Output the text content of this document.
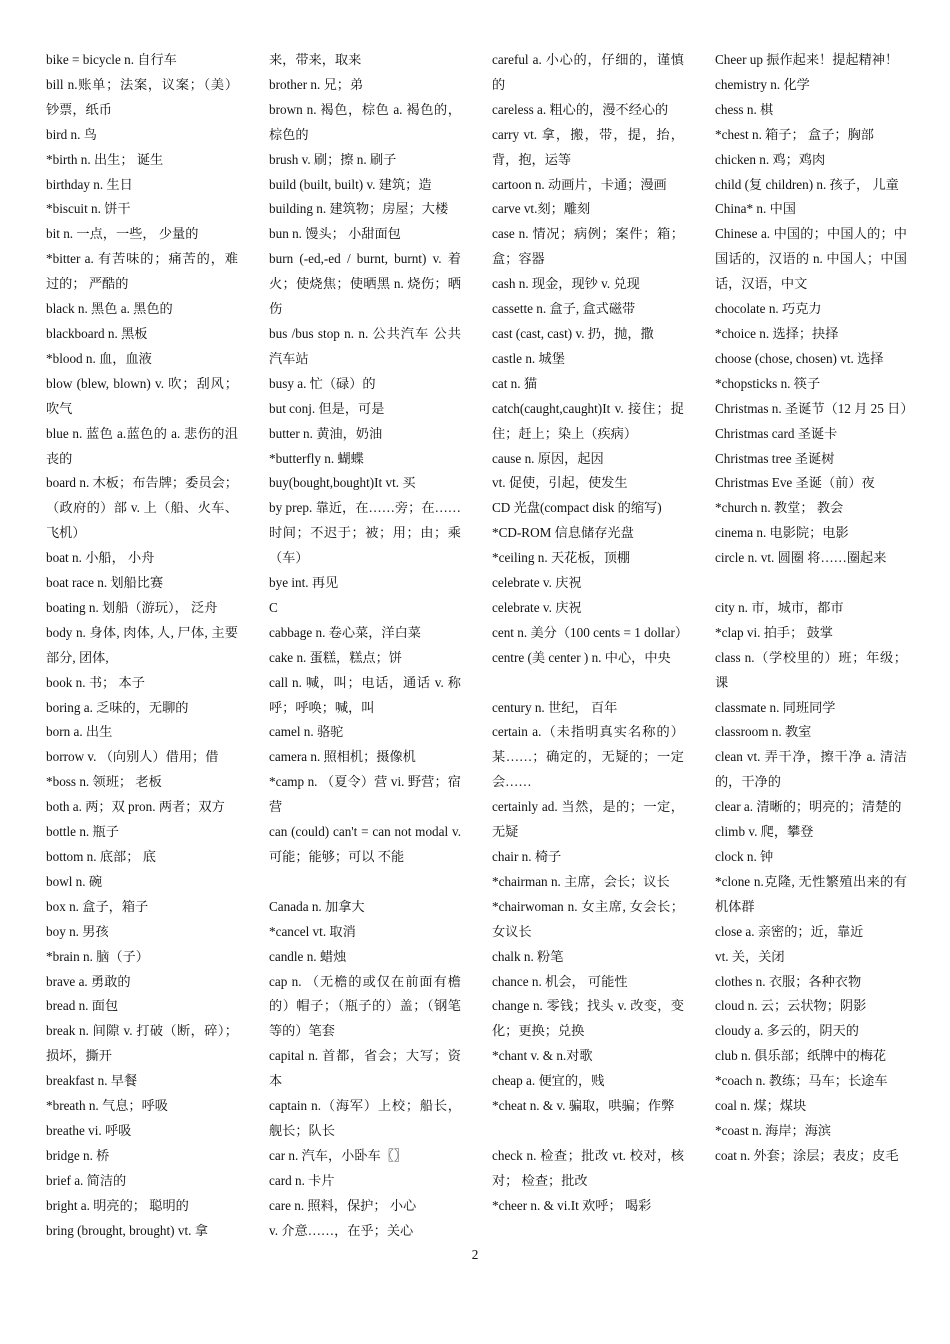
bike = bicycle n. 自行车

bill n.账单；法案，议案；（美）钞票，纸币

bird n. 鸟

*birth n. 出生； 诞生

birthday n. 生日

*biscuit n. 饼干

bit n. 一点，一些， 少量的

*bitter a. 有苦味的；痛苦的，难过的； 严酷的

black n. 黑色 a. 黑色的

blackboard n. 黑板

*blood n. 血，血液

blow (blew, blown) v. 吹；刮风；吹气

blue n. 蓝色 a.蓝色的 a. 悲伤的沮丧的

board n. 木板；布告牌；委员会；（政府的）部 v. 上（船、火车、飞机）

boat n. 小船， 小舟

boat race n. 划船比赛

boating n. 划船（游玩）， 泛舟

body n. 身体, 肉体, 人, 尸体, 主要部分, 团体,

book n. 书； 本子

boring a. 乏味的，无聊的

born a. 出生

borrow v. （向别人）借用；借

*boss n. 领班； 老板

both a. 两；双 pron. 两者；双方

bottle n. 瓶子

bottom n. 底部； 底

bowl n. 碗

box n. 盒子，箱子

boy n. 男孩

*brain n. 脑（子）

brave a. 勇敢的

bread n. 面包

break n. 间隙 v. 打破（断，碎）；损坏，撕开

breakfast n. 早餐

*breath n. 气息；呼吸

breathe vi. 呼吸

bridge n. 桥

brief a. 简洁的

bright a. 明亮的； 聪明的

bring (brought, brought) vt. 拿

来，带来，取来

brother n. 兄；弟

brown n. 褐色，棕色 a. 褐色的，棕色的

brush v. 刷；擦 n. 刷子

build (built, built) v. 建筑；造

building n. 建筑物；房屋；大楼

bun n. 馒头； 小甜面包

burn (-ed,-ed / burnt, burnt) v. 着火；使烧焦；使晒黑 n. 烧伤；晒伤

bus /bus stop n. n. 公共汽车 公共汽车站

busy a. 忙（碌）的

but conj. 但是，可是

butter n. 黄油，奶油

*butterfly n. 蝴蝶

buy(bought,bought)It vt. 买

by prep. 靠近，在……旁；在……时间；不迟于；被；用；由；乘（车）

bye int. 再见

C

cabbage n. 卷心菜，洋白菜

cake n. 蛋糕，糕点；饼

call n. 喊，叫；电话，通话 v. 称呼；呼唤；喊，叫

camel n. 骆驼

camera n. 照相机；摄像机

*camp n. （夏令）营 vi. 野营；宿营

can (could) can't = can not modal v. 可能；能够；可以 不能

Canada n. 加拿大

*cancel vt. 取消

candle n. 蜡烛

cap n. （无檐的或仅在前面有檐的）帽子；（瓶子的）盖；（钢笔等的）笔套

capital n. 首都，省会；大写；资本

captain n.（海军）上校；船长，舰长；队长

car n. 汽车，小卧车〖〗

card n. 卡片

care n. 照料，保护； 小心

v. 介意……，在乎；关心

careful a. 小心的，仔细的，谨慎的

careless a. 粗心的，漫不经心的

carry vt. 拿，搬，带，提，抬，背，抱，运等

cartoon n. 动画片，卡通；漫画

carve vt.刻；雕刻

case n. 情况；病例；案件；箱；盒；容器

cash n. 现金，现钞 v. 兑现

cassette n. 盒子, 盒式磁带

cast (cast, cast) v. 扔，抛，撒

castle n. 城堡

cat n. 猫

catch(caught,caught)It v. 接住；捉住；赶上；染上（疾病）

cause n. 原因，起因

vt. 促使，引起，使发生

CD 光盘(compact disk 的缩写)

*CD-ROM 信息储存光盘

*ceiling n. 天花板，顶棚

celebrate v. 庆祝

celebrate v. 庆祝

cent n. 美分（100 cents = 1 dollar）

centre (美 center ) n. 中心，中央

century n. 世纪， 百年

certain a.（未指明真实名称的）某……；确定的，无疑的；一定会……

certainly ad. 当然，是的；一定，无疑

chair n. 椅子

*chairman n. 主席，会长；议长

*chairwoman n. 女主席, 女会长；女议长

chalk n. 粉笔

chance n. 机会， 可能性

change n. 零钱；找头 v. 改变，变化；更换；兑换

*chant v. & n.对歌

cheap a. 便宜的，贱

*cheat n. & v. 骗取，哄骗；作弊

check n. 检查；批改 vt. 校对，核对； 检查；批改

*cheer n. & vi.It 欢呼； 喝彩

Cheer up 振作起来！提起精神！

chemistry n. 化学

chess n. 棋

*chest n. 箱子； 盒子；胸部

chicken n. 鸡；鸡肉

child (复 children) n. 孩子， 儿童

China* n. 中国

Chinese a. 中国的；中国人的；中国话的，汉语的 n. 中国人；中国话，汉语，中文

chocolate n. 巧克力

*choice n. 选择；抉择

choose (chose, chosen) vt. 选择

*chopsticks n. 筷子

Christmas n. 圣诞节（12 月 25 日）

Christmas card 圣诞卡

Christmas tree 圣诞树

Christmas Eve 圣诞（前）夜

*church n. 教堂； 教会

cinema n. 电影院；电影

circle n. vt. 圆圈 将……圈起来

city n. 市，城市，都市

*clap vi. 拍手； 鼓掌

class n.（学校里的）班；年级；课

classmate n. 同班同学

classroom n. 教室

clean vt. 弄干净，擦干净 a. 清洁的，干净的

clear a. 清晰的；明亮的；清楚的

climb v. 爬，攀登

clock n. 钟

*clone n.克隆, 无性繁殖出来的有机体群

close a. 亲密的；近，靠近

vt. 关，关闭

clothes n. 衣服；各种衣物

cloud n. 云；云状物；阴影

cloudy a. 多云的，阴天的

club n. 俱乐部；纸牌中的梅花

*coach n. 教练；马车；长途车

coal n. 煤；煤块

*coast n. 海岸；海滨

coat n. 外套；涂层；表皮；皮毛

2
